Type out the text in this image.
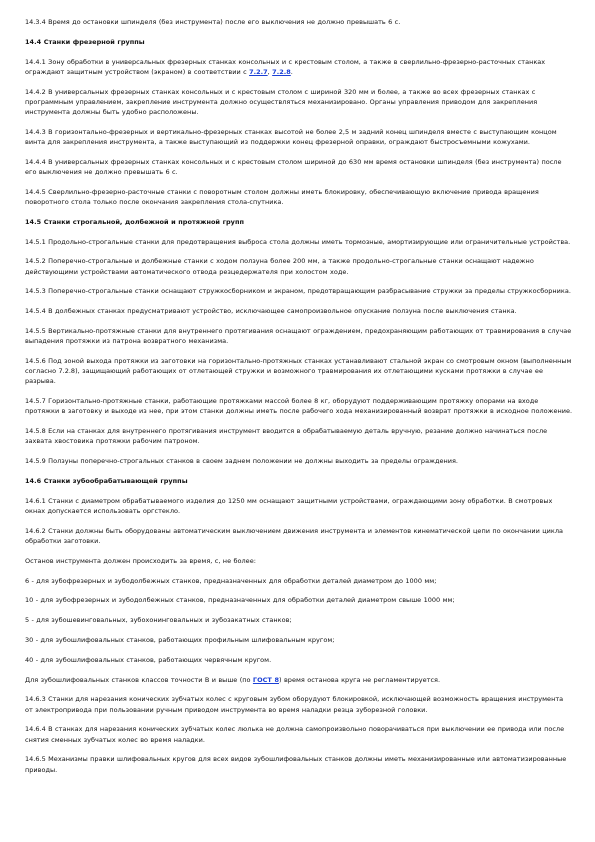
14.3.4 Время до остановки шпинделя (без инструмента) после его выключения не должно превышать 6 с.
14.4 Станки фрезерной группы
14.4.1 Зону обработки в универсальных фрезерных станках консольных и с крестовым столом, а также в сверлильно-фрезерно-расточных станках ограждают защитным устройством (экраном) в соответствии с 7.2.7, 7.2.8.
14.4.2 В универсальных фрезерных станках консольных и с крестовым столом с шириной 320 мм и более, а также во всех фрезерных станках с программным управлением, закрепление инструмента должно осуществляться механизировано. Органы управления приводом для закрепления инструмента должны быть удобно расположены.
14.4.3 В горизонтально-фрезерных и вертикально-фрезерных станках высотой не более 2,5 м задний конец шпинделя вместе с выступающим концом винта для закрепления инструмента, а также выступающий из поддержки конец фрезерной оправки, ограждают быстросъемными кожухами.
14.4.4 В универсальных фрезерных станках консольных и с крестовым столом шириной до 630 мм время остановки шпинделя (без инструмента) после его выключения не должно превышать 6 с.
14.4.5 Сверлильно-фрезерно-расточные станки с поворотным столом должны иметь блокировку, обеспечивающую включение привода вращения поворотного стола только после окончания закрепления стола-спутника.
14.5 Станки строгальной, долбежной и протяжной групп
14.5.1 Продольно-строгальные станки для предотвращения выброса стола должны иметь тормозные, амортизирующие или ограничительные устройства.
14.5.2 Поперечно-строгальные и долбежные станки с ходом ползуна более 200 мм, а также продольно-строгальные станки оснащают надежно действующими устройствами автоматического отвода резцедержателя при холостом ходе.
14.5.3 Поперечно-строгальные станки оснащают стружкосборником и экраном, предотвращающим разбрасывание стружки за пределы стружкосборника.
14.5.4 В долбежных станках предусматривают устройство, исключающее самопроизвольное опускание ползуна после выключения станка.
14.5.5 Вертикально-протяжные станки для внутреннего протягивания оснащают ограждением, предохраняющим работающих от травмирования в случае выпадения протяжки из патрона возвратного механизма.
14.5.6 Под зоной выхода протяжки из заготовки на горизонтально-протяжных станках устанавливают стальной экран со смотровым окном (выполненным согласно 7.2.8), защищающий работающих от отлетающей стружки и возможного травмирования их отлетающими кусками протяжки в случае ее разрыва.
14.5.7 Горизонтально-протяжные станки, работающие протяжками массой более 8 кг, оборудуют поддерживающим протяжку опорами на входе протяжки в заготовку и выходе из нее, при этом станки должны иметь после рабочего хода механизированный возврат протяжки в исходное положение.
14.5.8 Если на станках для внутреннего протягивания инструмент вводится в обрабатываемую деталь вручную, резание должно начинаться после захвата хвостовика протяжки рабочим патроном.
14.5.9 Ползуны поперечно-строгальных станков в своем заднем положении не должны выходить за пределы ограждения.
14.6 Станки зубообрабатывающей группы
14.6.1 Станки с диаметром обрабатываемого изделия до 1250 мм оснащают защитными устройствами, ограждающими зону обработки. В смотровых окнах допускается использовать оргстекло.
14.6.2 Станки должны быть оборудованы автоматическим выключением движения инструмента и элементов кинематической цепи по окончании цикла обработки заготовки.
Останов инструмента должен происходить за время, с, не более:
6 - для зубофрезерных и зубодолбежных станков, предназначенных для обработки деталей диаметром до 1000 мм;
10 - для зубофрезерных и зубодолбежных станков, предназначенных для обработки деталей диаметром свыше 1000 мм;
5 - для зубошевинговальных, зубохонинговальных и зубозакатных станков;
30 - для зубошлифовальных станков, работающих профильным шлифовальным кругом;
40 - для зубошлифовальных станков, работающих червячным кругом.
Для зубошлифовальных станков классов точности В и выше (по ГОСТ 8) время останова круга не регламентируется.
14.6.3 Станки для нарезания конических зубчатых колес с круговым зубом оборудуют блокировкой, исключающей возможность вращения инструмента от электропривода при пользовании ручным приводом инструмента во время наладки резца зуборезной головки.
14.6.4 В станках для нарезания конических зубчатых колес люлька не должна самопроизвольно поворачиваться при выключении ее привода или после снятия сменных зубчатых колес во время наладки.
14.6.5 Механизмы правки шлифовальных кругов для всех видов зубошлифовальных станков должны иметь механизированные или автоматизированные приводы.
